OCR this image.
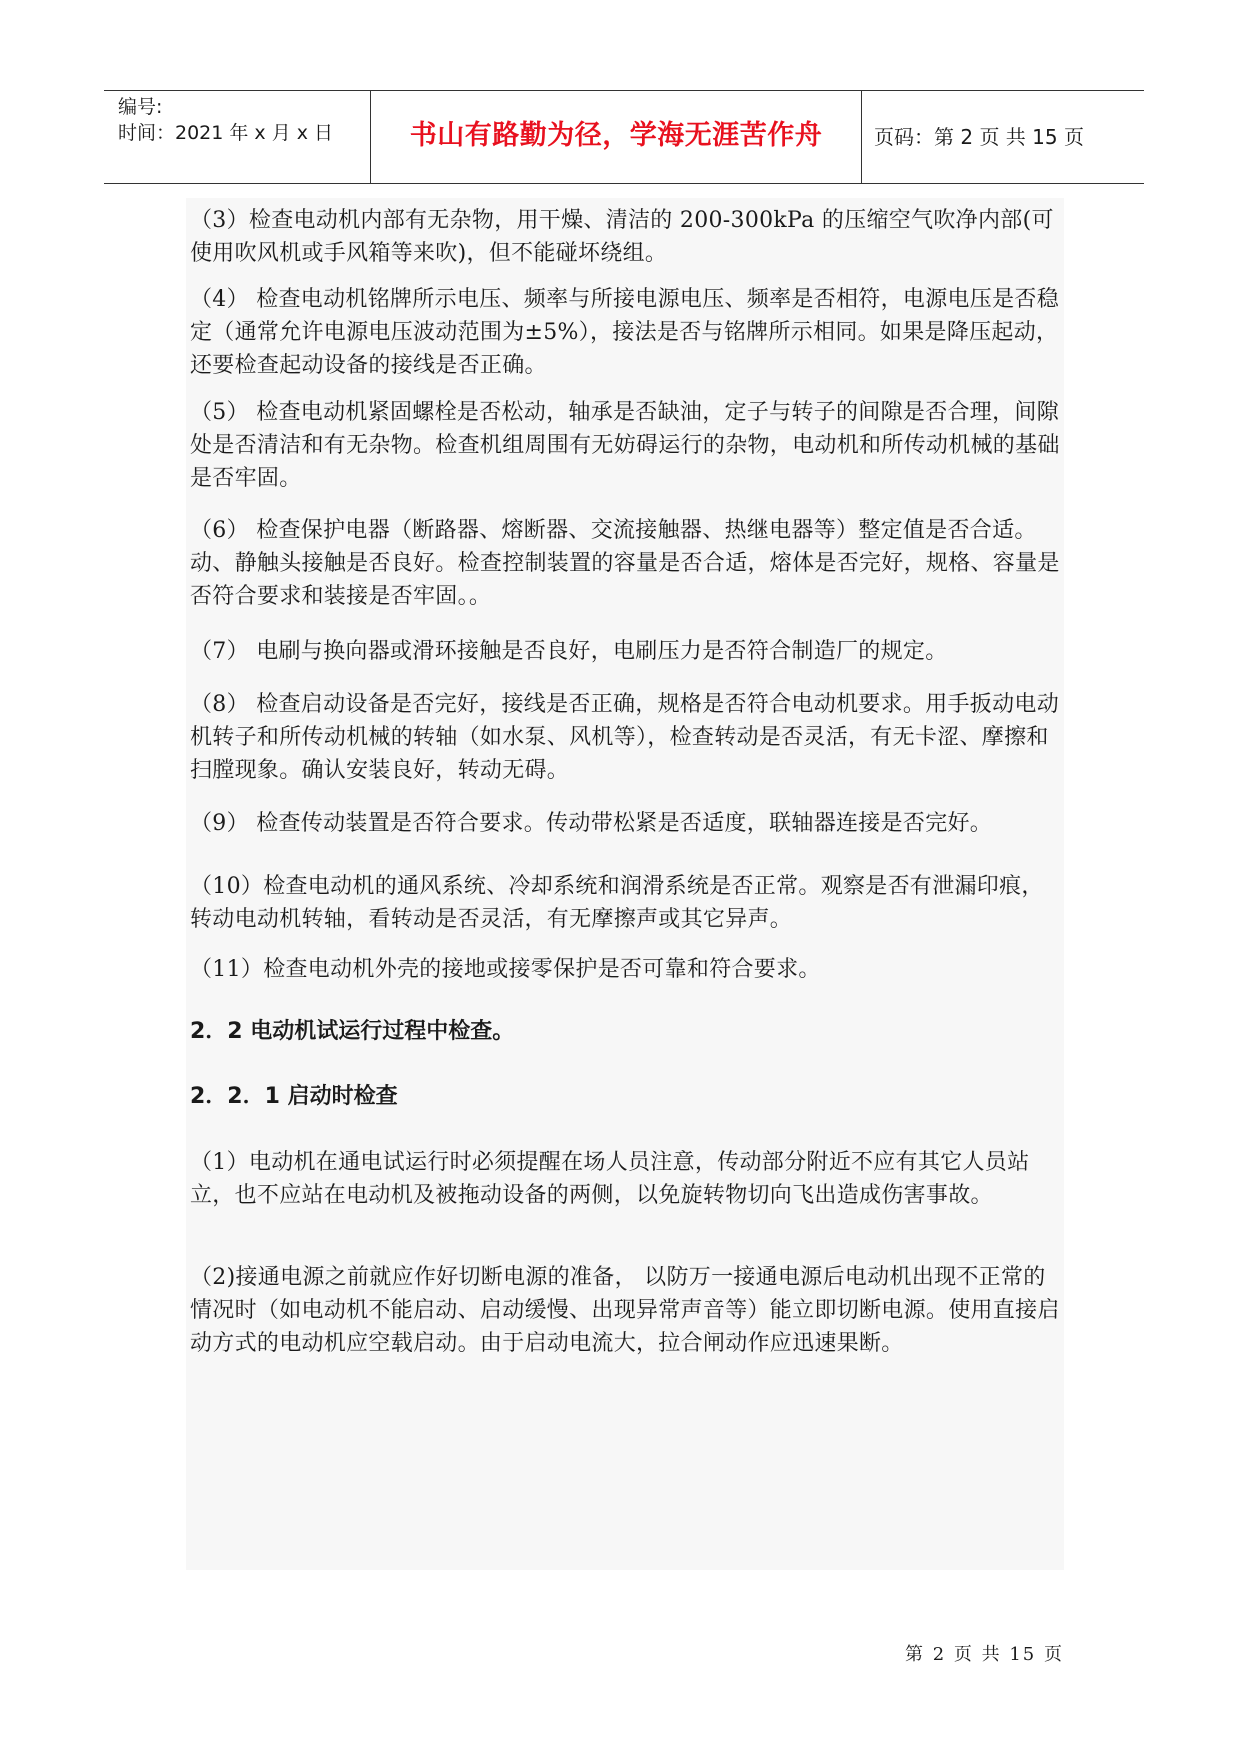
编号:
时间：2021 年 x 月 x 日	书山有路勤为径，学海无涯苦作舟	页码：第 2 页 共 15 页

（3）检查电动机内部有无杂物，用干燥、清洁的 200-300kPa 的压缩空气吹净内部(可使用吹风机或手风箱等来吹)，但不能碰坏绕组。

（4） 检查电动机铭牌所示电压、频率与所接电源电压、频率是否相符，电源电压是否稳定（通常允许电源电压波动范围为±5%），接法是否与铭牌所示相同。如果是降压起动，还要检查起动设备的接线是否正确。

（5） 检查电动机紧固螺栓是否松动，轴承是否缺油，定子与转子的间隙是否合理，间隙处是否清洁和有无杂物。检查机组周围有无妨碍运行的杂物，电动机和所传动机械的基础是否牢固。

（6） 检查保护电器（断路器、熔断器、交流接触器、热继电器等）整定值是否合适。动、静触头接触是否良好。检查控制装置的容量是否合适，熔体是否完好，规格、容量是否符合要求和装接是否牢固。。

（7） 电刷与换向器或滑环接触是否良好，电刷压力是否符合制造厂的规定。

（8） 检查启动设备是否完好，接线是否正确，规格是否符合电动机要求。用手扳动电动机转子和所传动机械的转轴（如水泵、风机等），检查转动是否灵活，有无卡涩、摩擦和扫膛现象。确认安装良好，转动无碍。

（9） 检查传动装置是否符合要求。传动带松紧是否适度，联轴器连接是否完好。

（10）检查电动机的通风系统、冷却系统和润滑系统是否正常。观察是否有泄漏印痕，转动电动机转轴，看转动是否灵活，有无摩擦声或其它异声。

（11）检查电动机外壳的接地或接零保护是否可靠和符合要求。

2．2 电动机试运行过程中检查。

2．2．1 启动时检查

（1）电动机在通电试运行时必须提醒在场人员注意，传动部分附近不应有其它人员站立，也不应站在电动机及被拖动设备的两侧，以免旋转物切向飞出造成伤害事故。

（2)接通电源之前就应作好切断电源的准备， 以防万一接通电源后电动机出现不正常的情况时（如电动机不能启动、启动缓慢、出现异常声音等）能立即切断电源。使用直接启动方式的电动机应空载启动。由于启动电流大，拉合闸动作应迅速果断。

第 2 页 共 15 页
